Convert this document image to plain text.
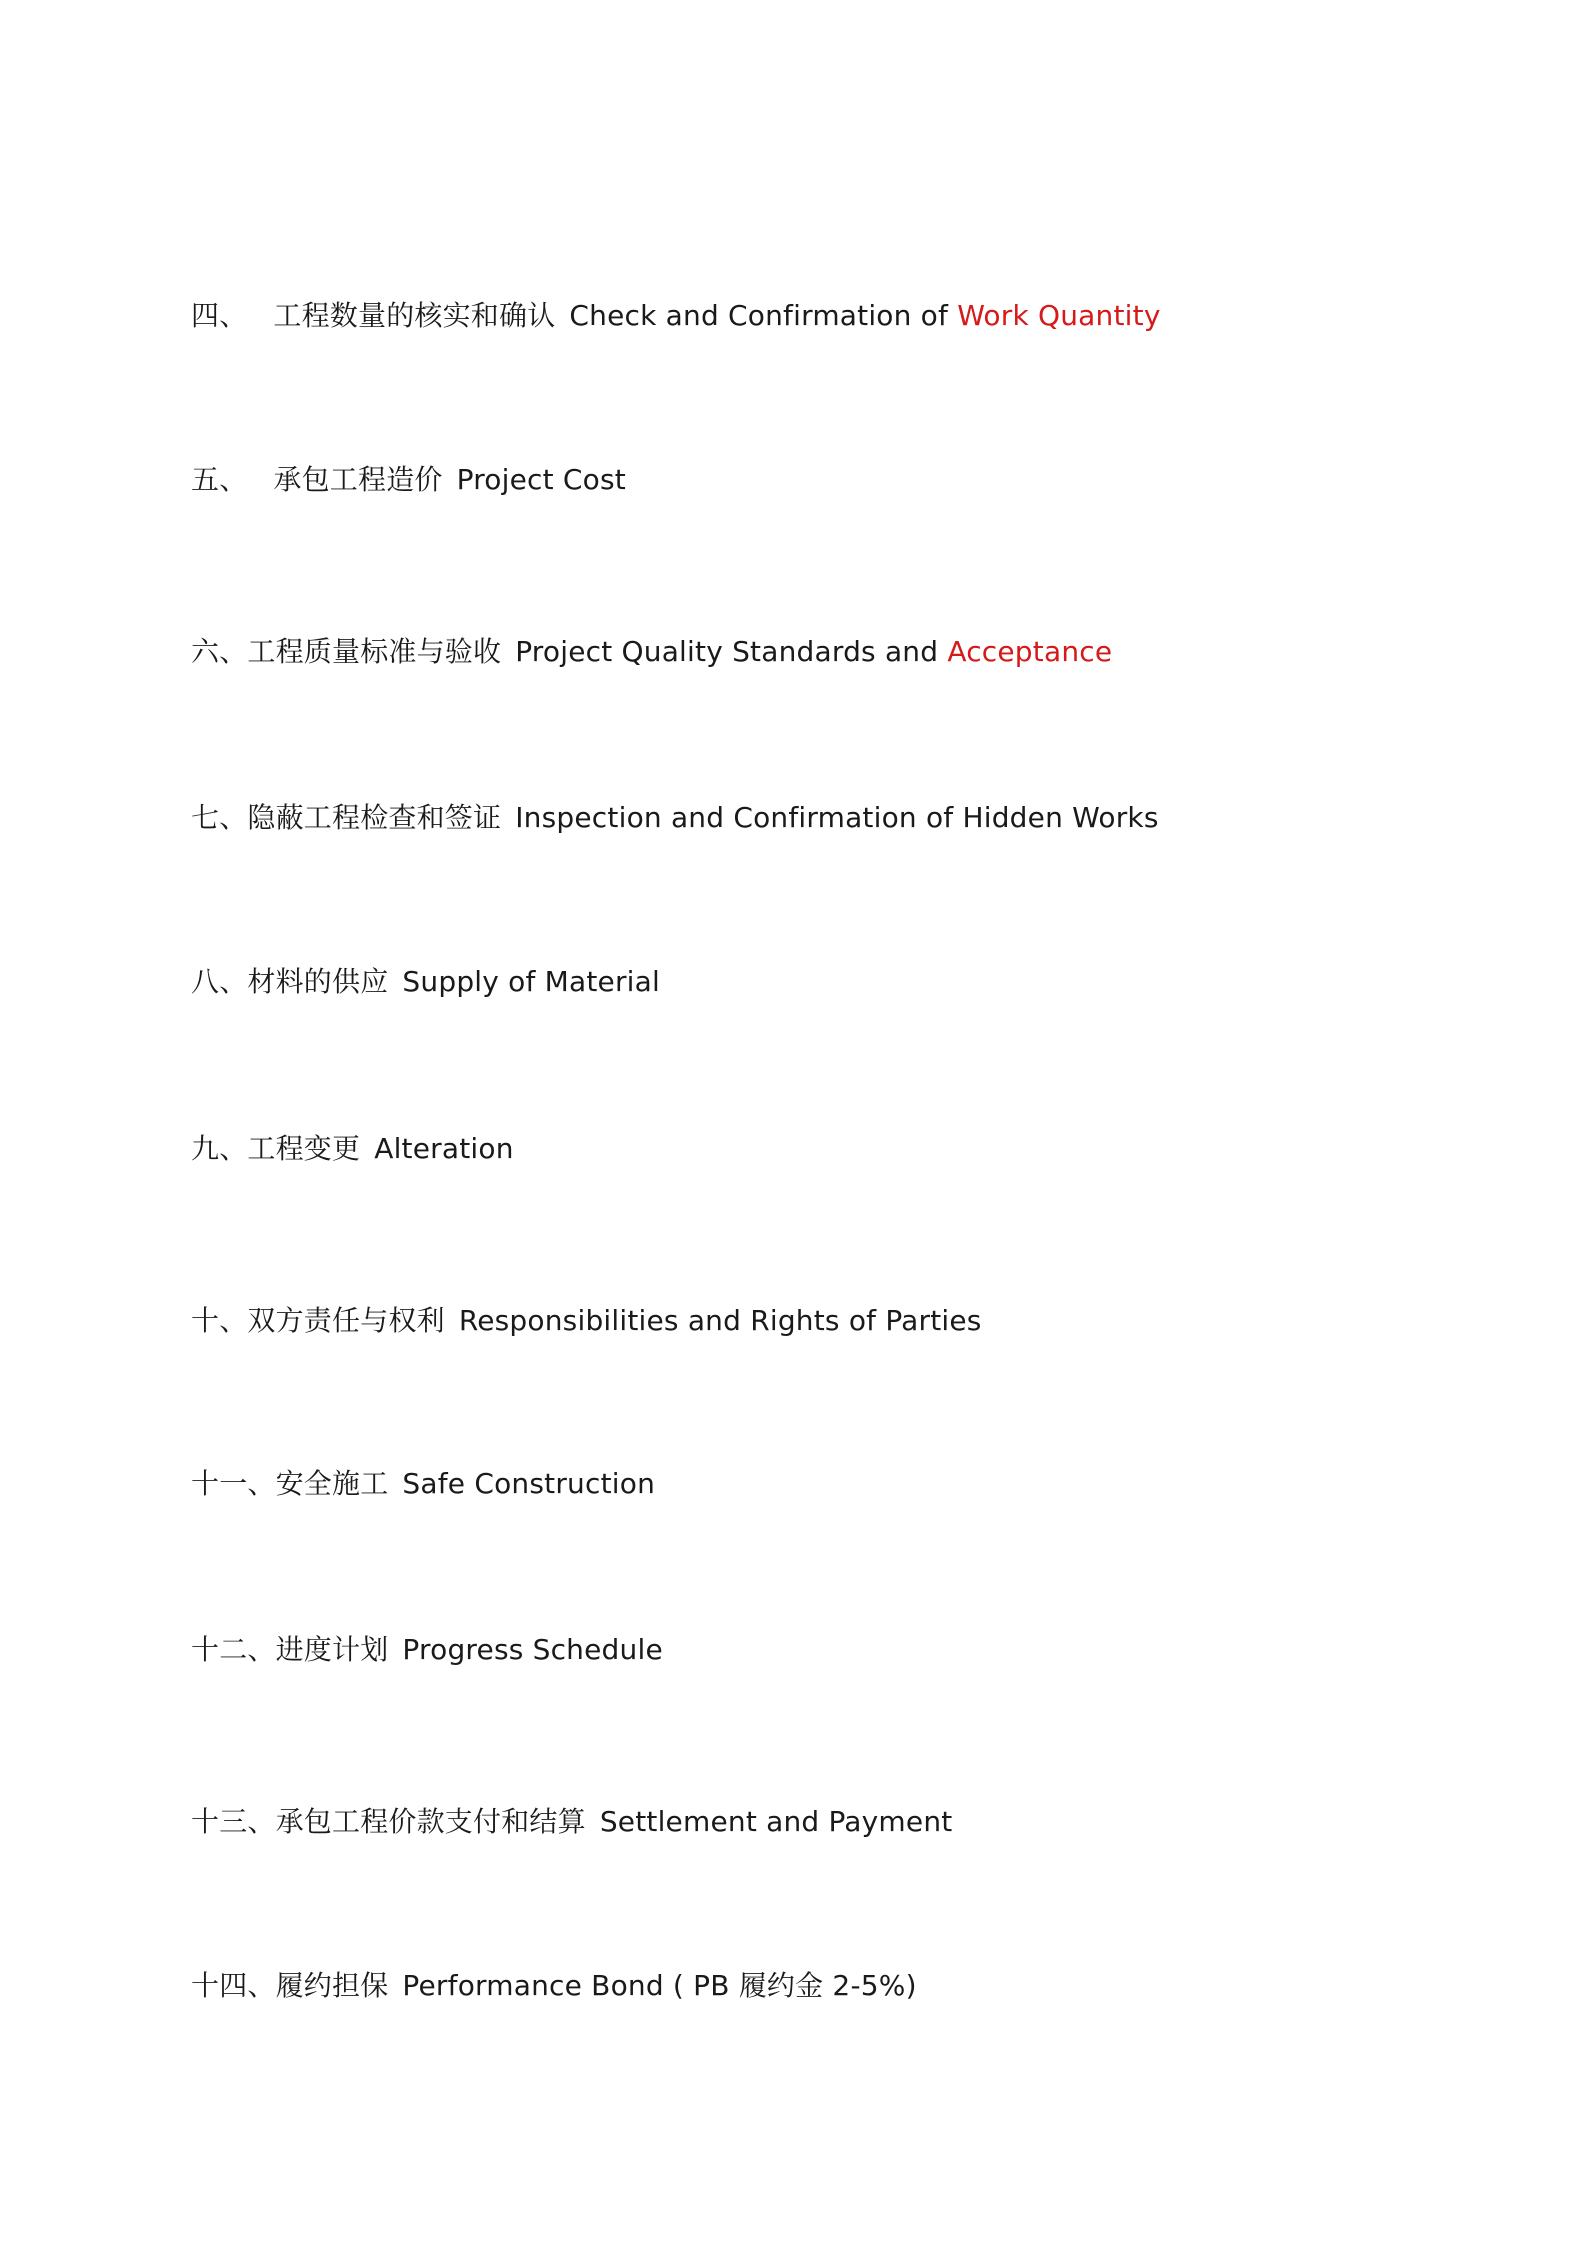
四、 工程数量的核实和确认 Check and Confirmation of Work Quantity
五、 承包工程造价 Project Cost
六、工程质量标准与验收 Project Quality Standards and Acceptance
七、隐蔽工程检查和签证 Inspection and Confirmation of Hidden Works
八、材料的供应 Supply of Material
九、工程变更 Alteration
十、双方责任与权利 Responsibilities and Rights of Parties
十一、安全施工 Safe Construction
十二、进度计划 Progress Schedule
十三、承包工程价款支付和结算 Settlement and Payment
十四、履约担保 Performance Bond ( PB 履约金 2-5%)
